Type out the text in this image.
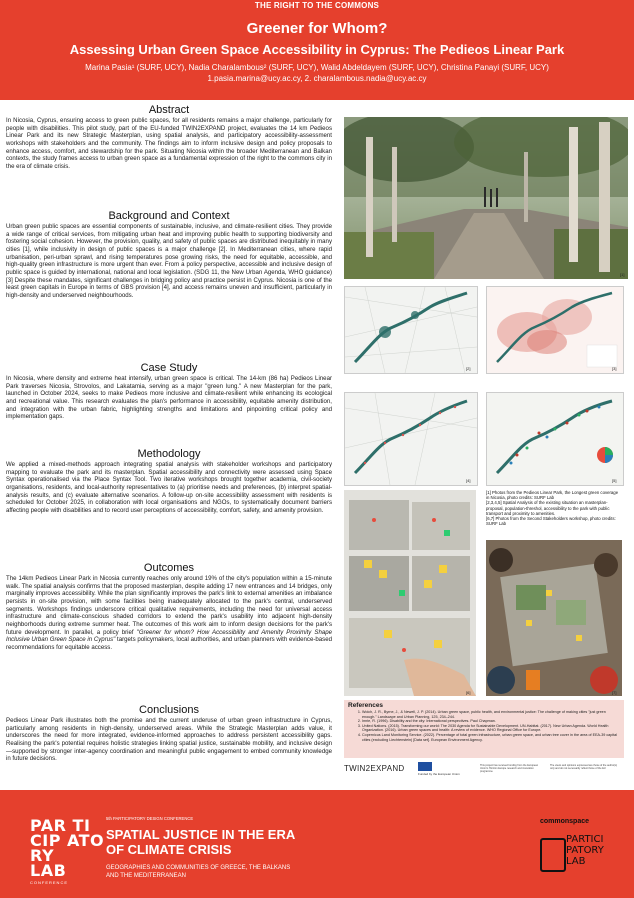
THE RIGHT TO THE COMMONS
Greener for Whom?
Assessing Urban Green Space Accessibility in Cyprus: The Pedieos Linear Park
Marina Pasia¹ (SURF, UCY), Nadia Charalambous² (SURF, UCY), Walid Abdeldayem (SURF, UCY), Christina Panayi (SURF, UCY)
1.pasia.marina@ucy.ac.cy, 2. charalambous.nadia@ucy.ac.cy
Abstract

In Nicosia, Cyprus, ensuring access to green public spaces, for all residents remains a major challenge, particularly for people with disabilities. This pilot study, part of the EU-funded TWIN2EXPAND project, evaluates the 14 km Pedieos Linear Park and its new Strategic Masterplan, using spatial analysis, and participatory accessibility-assessment workshops with stakeholders and the community. The findings aim to inform inclusive design and policy proposals to enhance access, comfort, and stewardship for the park. Situating Nicosia within the broader Mediterranean and Balkan contexts, the study frames access to urban green space as a fundamental expression of the right to the commons city in the era of climate crisis.

Background and Context

Urban green public spaces are essential components of sustainable, inclusive, and climate-resilient cities. They provide a wide range of critical services, from mitigating urban heat and improving public health to supporting biodiversity and fostering social cohesion. However, the provision, quality, and safety of public spaces are distributed inequitably in many cities [1], while inclusivity in design of public spaces is a major challenge [2]. In Mediterranean cities, where rapid urbanisation, peri-urban sprawl, and rising temperatures pose growing risks, the need for equitable, accessible, and high-quality green infrastructure is more urgent than ever. From a policy perspective, accessible and inclusive design of public space is guided by international, national and local legislation. (SDG 11, the New Urban Agenda, WHO guidance) [3] Despite these mandates, significant challenges in bridging policy and practice persist in Cyprus. Nicosia is one of the least green capitals in Europe in terms of GBS provision [4], and access remains uneven and insufficient, particularly in high-density and underserved neighbourhoods.

Case Study

In Nicosia, where density and extreme heat intensify, urban green space is critical. The 14-km (86 ha) Pedieos Linear Park traverses Nicosia, Strovolos, and Lakatamia, serving as a major "green lung." A new Masterplan for the park, launched in October 2024, seeks to make Pedieos more inclusive and climate-resilient while enhancing its ecological and recreational value. This research evaluates the plan's performance in accessibility, equitable amenity distribution, and integration with the urban fabric, highlighting strengths and limitations and pinpointing critical policy and implementation gaps.

Methodology

We applied a mixed-methods approach integrating spatial analysis with stakeholder workshops and participatory mapping to evaluate the park and its masterplan. Spatial accessibility and connectivity were assessed using Space Syntax operationalised via the Place Syntax Tool. Two iterative workshops brought together academia, civil-society organisations, residents, and local-authority representatives to (a) prioritise needs and preferences, (b) interpret spatial-analysis results, and (c) evaluate alternative scenarios. A follow-up on-site accessibility assessment with residents is scheduled for October 2025, in collaboration with local organisations and NGOs, to systematically document barriers affecting people with disabilities and to record user perceptions of accessibility, comfort, safety, and amenity provision.

Outcomes

The 14km Pedieos Linear Park in Nicosia currently reaches only around 19% of the city's population within a 15-minute walk. The spatial analysis confirms that the proposed masterplan, despite adding 17 new entrances and 14 bridges, only marginally improves accessibility. While the plan significantly improves the park's link to external amenities an imbalance persists in on-site provision, with some facilities being inadequately allocated to the park's central, underserved segments. Workshops findings underscore critical qualitative requirements, including the need for universal access infrastructure and climate-conscious shaded corridors to extend the park's usability into adjacent high-density neighborhoods during extreme summer heat. The outcomes of this work aim to inform design decisions for the park's future development. In parallel, a policy brief "Greener for whom? How Accessibility and Amenity Proximity Shape Inclusive Urban Green Space in Cyprus" targets policymakers, local authorities, and urban planners with evidence-based recommendations for equitable access.

Conclusions

Pedieos Linear Park illustrates both the promise and the current underuse of urban green infrastructure in Cyprus, particularly among residents in high-density, underserved areas. While the Strategic Masterplan adds value, it underscores the need for more integrated, evidence-informed approaches to address persistent accessibility gaps. Realising the park's potential requires holistic strategies linking spatial justice, sustainable mobility, and inclusive design—supported by stronger inter-agency coordination and meaningful public engagement to embed community knowledge in future decisions.

[1]
[2]	[3]
[4]	[5]
[1] Photos from the Pedieos Linear Park, the Longest green coverage in Nicosia, photo credits: SURF Lab
[2,3,4,5] Spatial Analysis of the existing situation an masterplan-proposal, population-threshol, accessibility to the park with public transport and proximity to amenities.
[6,7] Photos from the Second Stakeholders workshop, photo credits: SURF Lab
[6]	[7]
References
1. Wolch, J. R., Byrne, J., & Newell, J. P. (2014). Urban green space, public health, and environmental justice: The challenge of making cities "just green enough." Landscape and Urban Planning, 125, 234–244.
2. Imrie, R. (1996). Disability and the city: International perspectives. Paul Chapman.
3. United Nations. (2015). Transforming our world: The 2030 Agenda for Sustainable Development. UN-Habitat. (2017). New Urban Agenda. World Health Organization. (2016). Urban green spaces and health: A review of evidence. WHO Regional Office for Europe.
4. Copernicus Land Monitoring Service. (2022). Percentage of total green infrastructure, urban green space, and urban tree cover in the area of EEA-39 capital cities (excluding Liechtenstein) [Data set]. European Environment Agency.
TWIN2EXPAND
Funded by the European Union
This project has received funding from the European Union's Horizon Europe research and innovation programme
The views and opinions expressed are those of the author(s) only and do not necessarily reflect those of the EU
PAR TI
CIP ATO
RY
LAB
CONFERENCE
5th PARTICIPATORY DESIGN CONFERENCE
SPATIAL JUSTICE IN THE ERA
OF CLIMATE CRISIS
GEOGRAPHIES AND COMMUNITIES OF GREECE, THE BALKANS
AND THE MEDITERRANEAN
commonspace
PARTICI
PATORY
LAB
